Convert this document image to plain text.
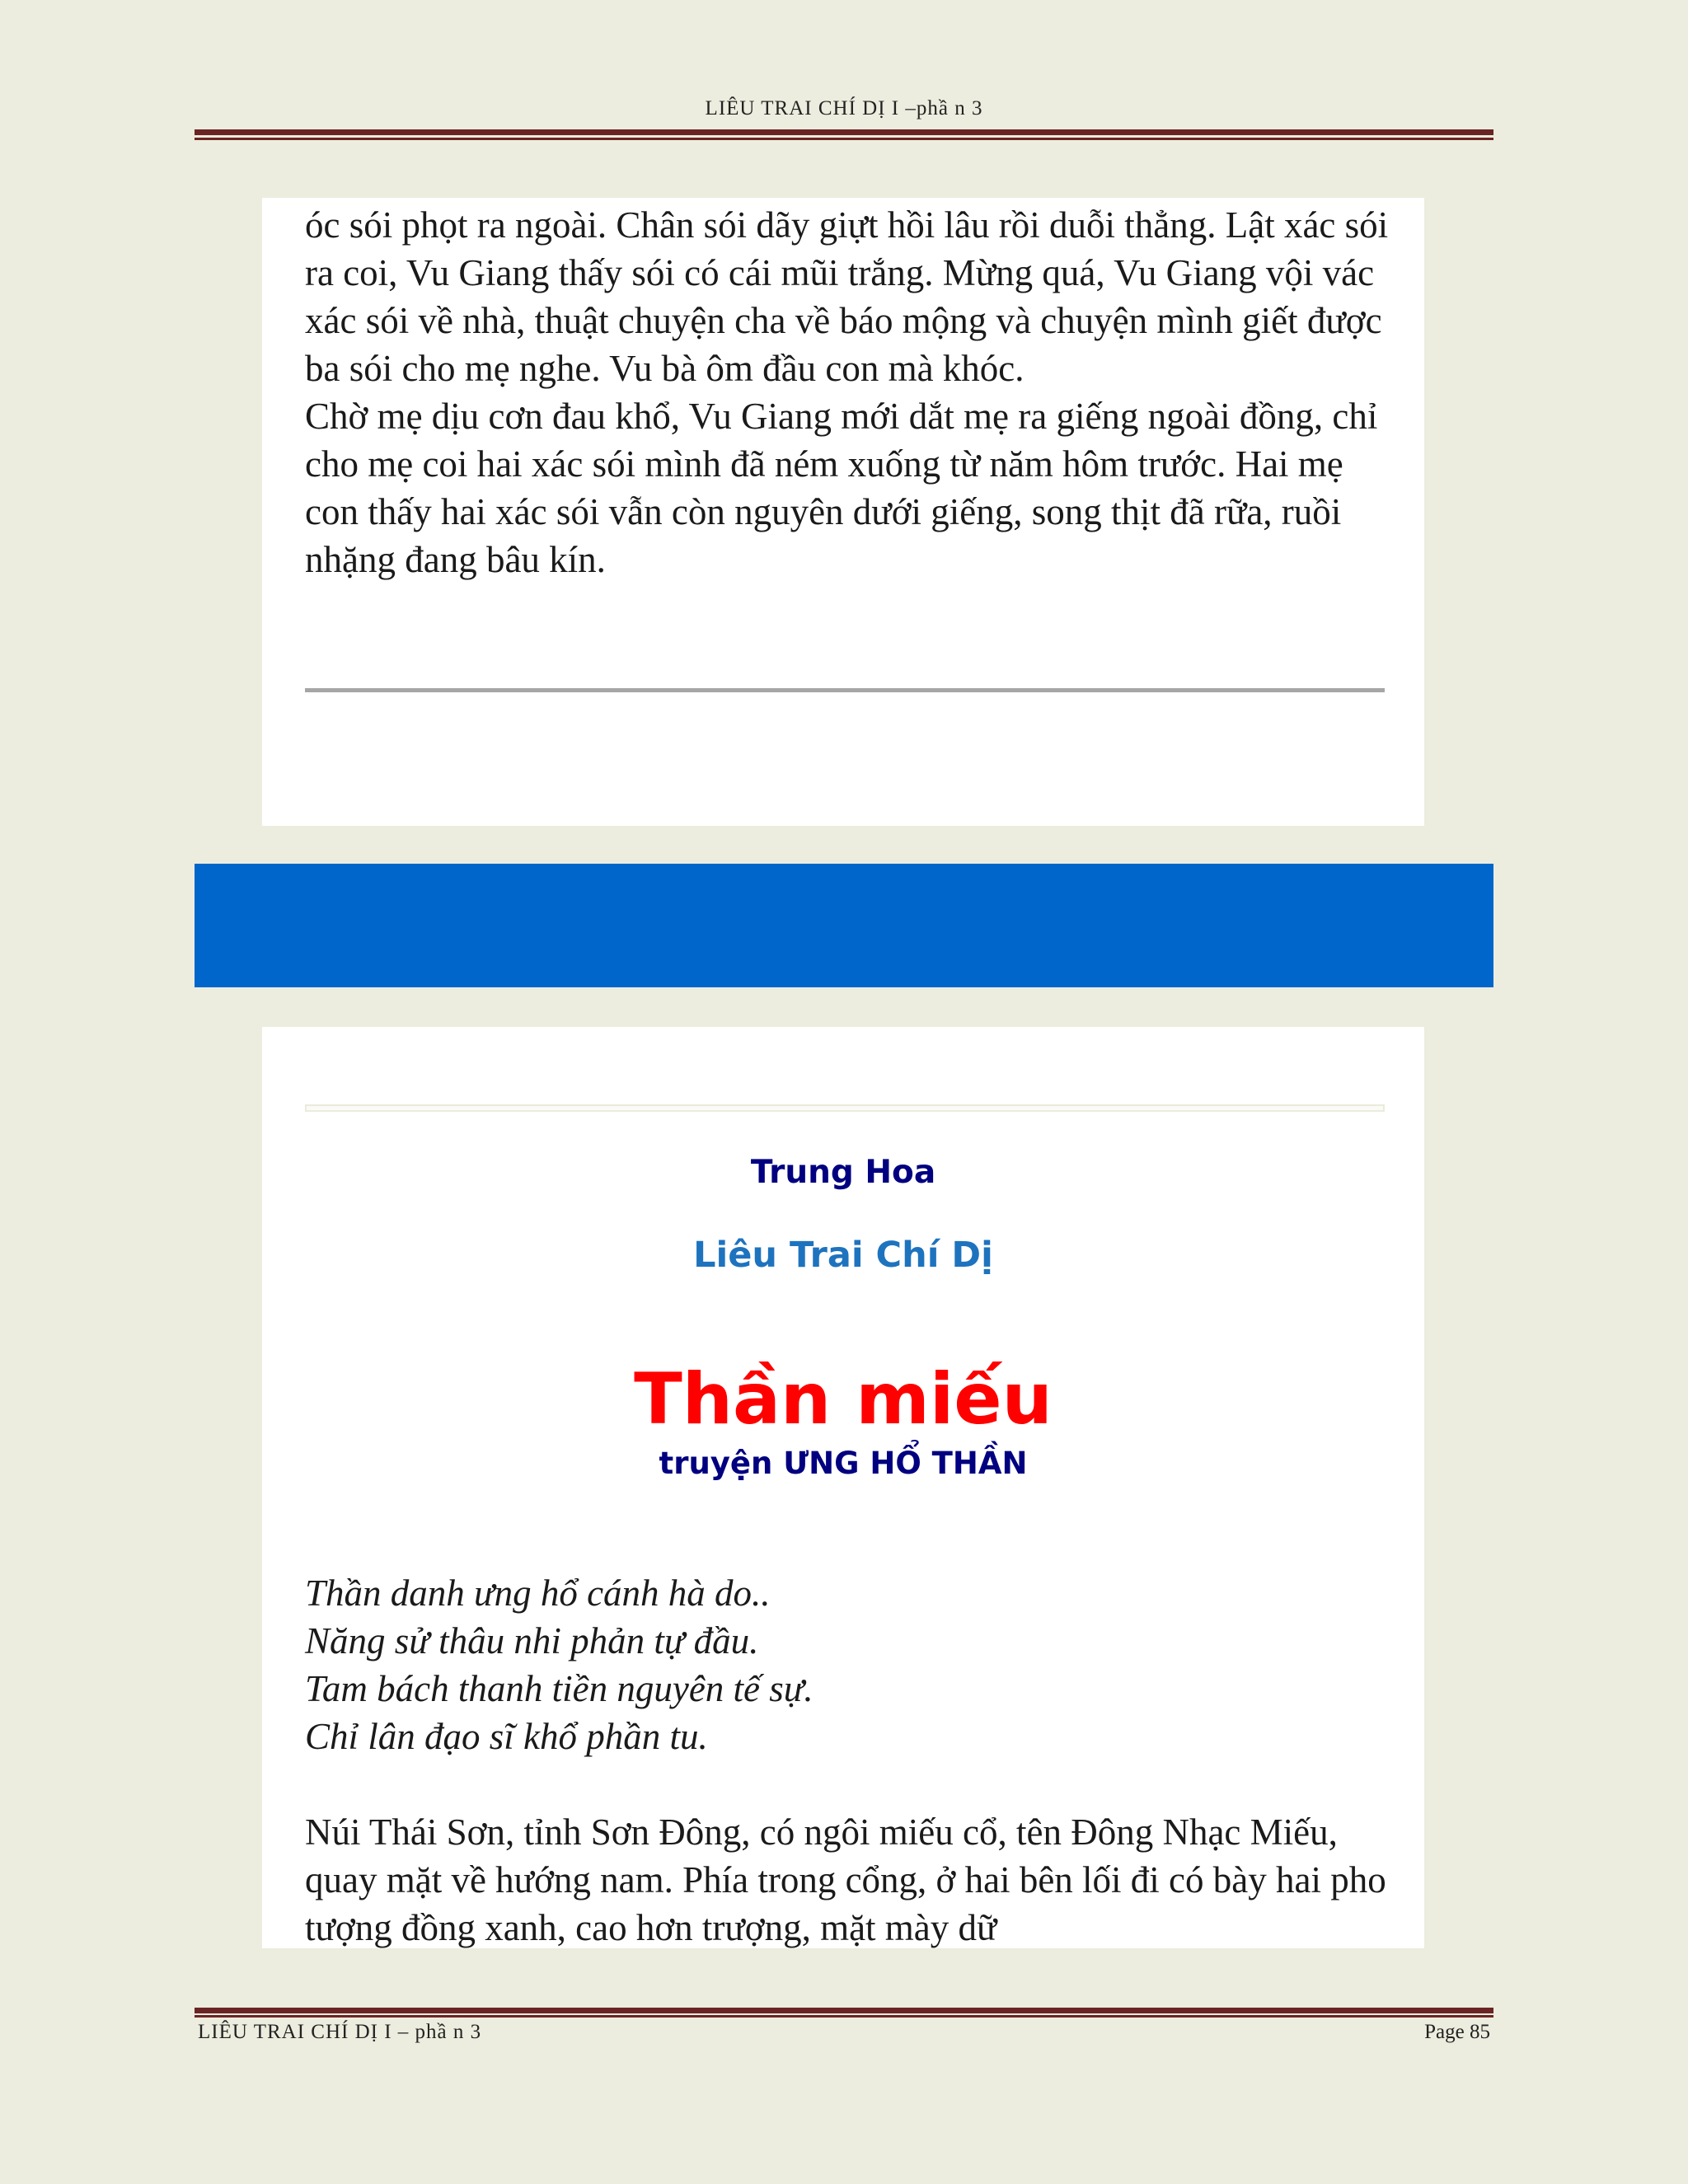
LIÊU TRAI CHÍ DỊ I –phầ n 3

óc sói phọt ra ngoài. Chân sói dãy giựt hồi lâu rồi duỗi thẳng. Lật xác sói ra coi, Vu Giang thấy sói có cái mũi trắng. Mừng quá, Vu Giang vội vác xác sói về nhà, thuật chuyện cha về báo mộng và chuyện mình giết được ba sói cho mẹ nghe. Vu bà ôm đầu con mà khóc.

Chờ mẹ dịu cơn đau khổ, Vu Giang mới dắt mẹ ra giếng ngoài đồng, chỉ cho mẹ coi hai xác sói mình đã ném xuống từ năm hôm trước. Hai mẹ con thấy hai xác sói vẫn còn nguyên dưới giếng, song thịt đã rữa, ruồi nhặng đang bâu kín.

Trung Hoa
Liêu Trai Chí Dị
Thần miếu
truyện ƯNG HỔ THẦN
Thần danh ưng hổ cánh hà do..
Năng sử thâu nhi phản tự đầu.
Tam bách thanh tiền nguyên tế sự.
Chỉ lân đạo sĩ khổ phần tu.

Núi Thái Sơn, tỉnh Sơn Đông, có ngôi miếu cổ, tên Đông Nhạc Miếu, quay mặt về hướng nam. Phía trong cổng, ở hai bên lối đi có bày hai pho tượng đồng xanh, cao hơn trượng, mặt mày dữ

LIÊU TRAI CHÍ DỊ I – phầ n 3	Page 85
